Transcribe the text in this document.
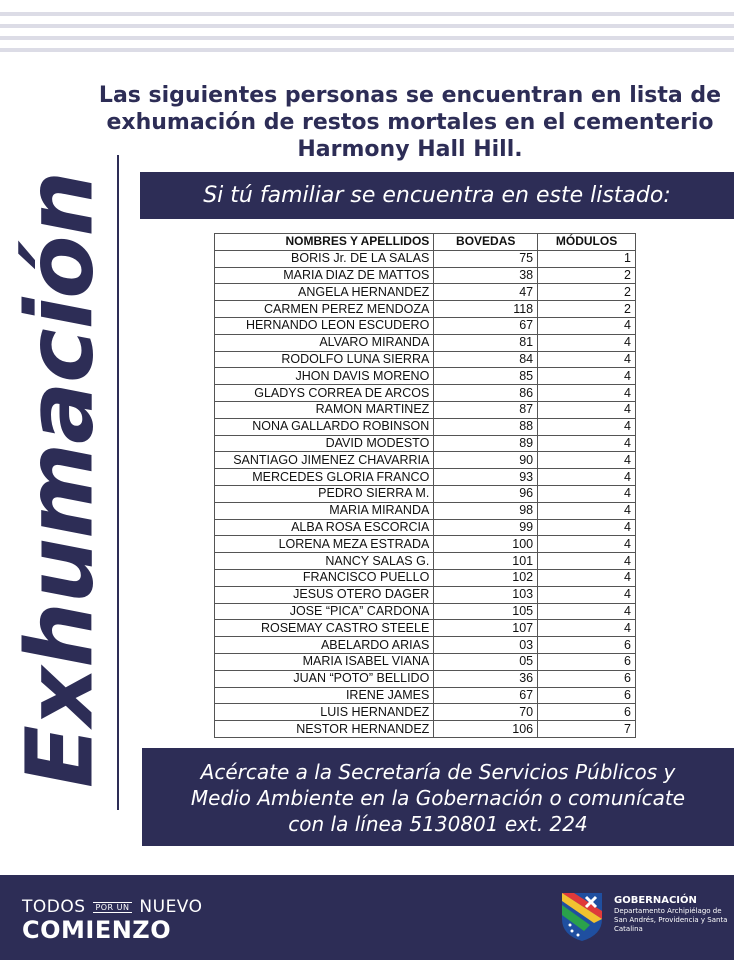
Las siguientes personas se encuentran en lista de exhumación de restos mortales en el cementerio Harmony Hall Hill.
Exhumación	Si tú familiar se encuentra en este listado:
NOMBRES Y APELLIDOS	BOVEDAS	MÓDULOS
BORIS Jr. DE LA SALAS	75	1
MARIA DIAZ DE MATTOS	38	2
ANGELA HERNANDEZ	47	2
CARMEN PEREZ MENDOZA	118	2
HERNANDO LEON ESCUDERO	67	4
ALVARO MIRANDA	81	4
RODOLFO LUNA SIERRA	84	4
JHON DAVIS MORENO	85	4
GLADYS CORREA DE ARCOS	86	4
RAMON MARTINEZ	87	4
NONA GALLARDO ROBINSON	88	4
DAVID MODESTO	89	4
SANTIAGO JIMENEZ CHAVARRIA	90	4
MERCEDES GLORIA FRANCO	93	4
PEDRO SIERRA M.	96	4
MARIA MIRANDA	98	4
ALBA ROSA ESCORCIA	99	4
LORENA MEZA ESTRADA	100	4
NANCY SALAS G.	101	4
FRANCISCO PUELLO	102	4
JESUS OTERO DAGER	103	4
JOSE “PICA” CARDONA	105	4
ROSEMAY CASTRO STEELE	107	4
ABELARDO ARIAS	03	6
MARIA ISABEL VIANA	05	6
JUAN “POTO” BELLIDO	36	6
IRENE JAMES	67	6
LUIS HERNANDEZ	70	6
NESTOR HERNANDEZ	106	7
Acércate a la Secretaría de Servicios Públicos y
Medio Ambiente en la Gobernación o comunícate
con la línea 5130801 ext. 224
TODOS POR UN NUEVO
COMIENZO
GOBERNACIÓN
Departamento Archipiélago de San Andrés, Providencia y Santa Catalina
